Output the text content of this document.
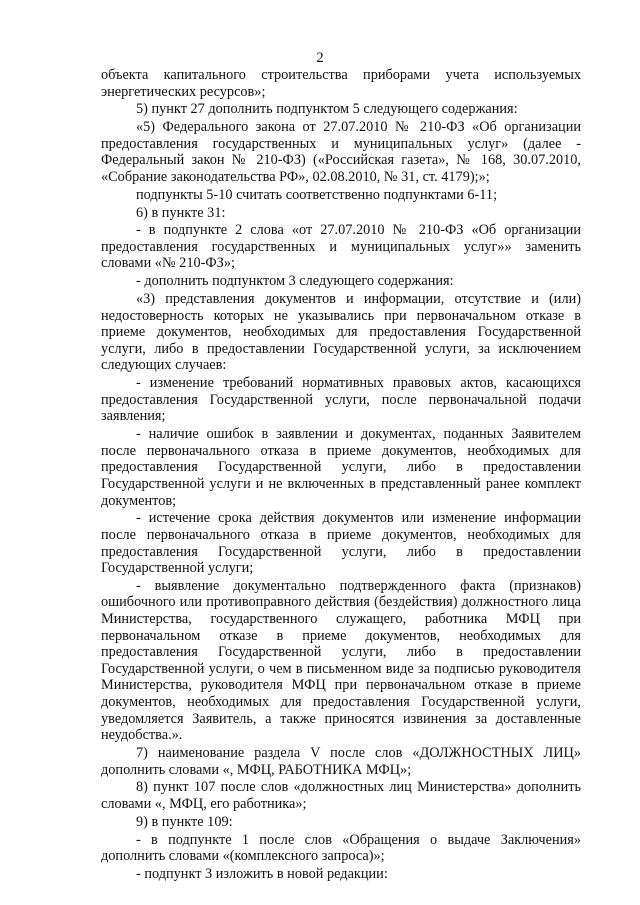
2

объекта капитального строительства приборами учета используемых энергетических ресурсов»;

5) пункт 27 дополнить подпунктом 5 следующего содержания:

«5) Федерального закона от 27.07.2010 № 210-ФЗ «Об организации предоставления государственных и муниципальных услуг» (далее - Федеральный закон № 210-ФЗ) («Российская газета», № 168, 30.07.2010, «Собрание законодательства РФ», 02.08.2010, № 31, ст. 4179);»;

подпункты 5-10 считать соответственно подпунктами 6-11;

6) в пункте 31:

- в подпункте 2 слова «от 27.07.2010 № 210-ФЗ «Об организации предоставления государственных и муниципальных услуг»» заменить словами «№ 210-ФЗ»;

- дополнить подпунктом 3 следующего содержания:

«3) представления документов и информации, отсутствие и (или) недостоверность которых не указывались при первоначальном отказе в приеме документов, необходимых для предоставления Государственной услуги, либо в предоставлении Государственной услуги, за исключением следующих случаев:

- изменение требований нормативных правовых актов, касающихся предоставления Государственной услуги, после первоначальной подачи заявления;

- наличие ошибок в заявлении и документах, поданных Заявителем после первоначального отказа в приеме документов, необходимых для предоставления Государственной услуги, либо в предоставлении Государственной услуги и не включенных в представленный ранее комплект документов;

- истечение срока действия документов или изменение информации после первоначального отказа в приеме документов, необходимых для предоставления Государственной услуги, либо в предоставлении Государственной услуги;

- выявление документально подтвержденного факта (признаков) ошибочного или противоправного действия (бездействия) должностного лица Министерства, государственного служащего, работника МФЦ при первоначальном отказе в приеме документов, необходимых для предоставления Государственной услуги, либо в предоставлении Государственной услуги, о чем в письменном виде за подписью руководителя Министерства, руководителя МФЦ при первоначальном отказе в приеме документов, необходимых для предоставления Государственной услуги, уведомляется Заявитель, а также приносятся извинения за доставленные неудобства.».

7) наименование раздела V после слов «ДОЛЖНОСТНЫХ ЛИЦ» дополнить словами «, МФЦ, РАБОТНИКА МФЦ»;

8) пункт 107 после слов «должностных лиц Министерства» дополнить словами «, МФЦ, его работника»;

9) в пункте 109:

- в подпункте 1 после слов «Обращения о выдаче Заключения» дополнить словами «(комплексного запроса)»;

- подпункт 3 изложить в новой редакции:
